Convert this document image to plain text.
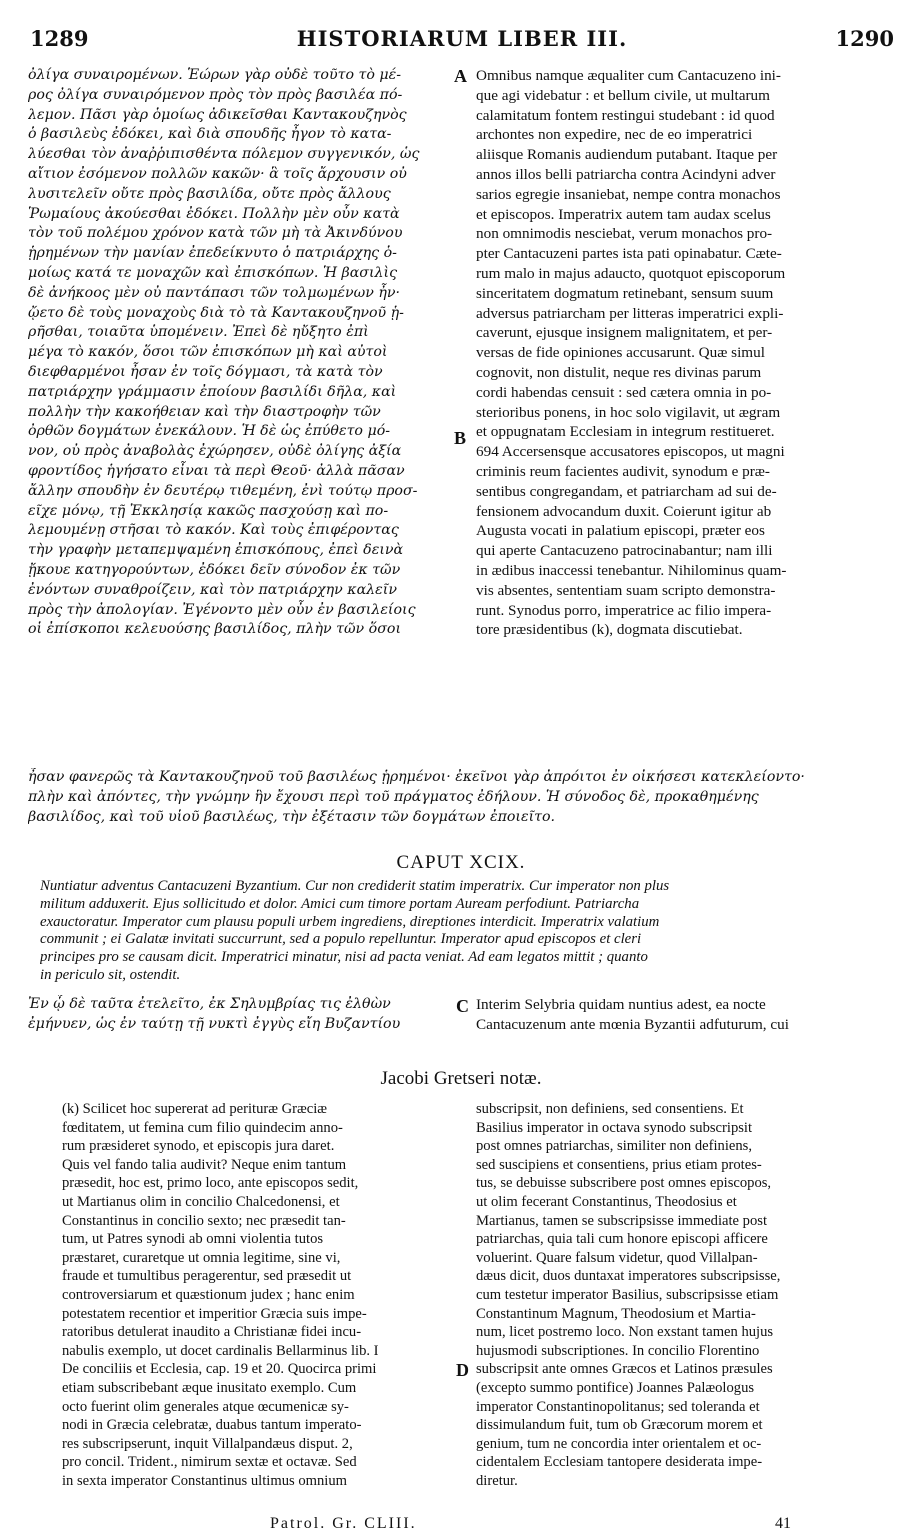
1289	HISTORIARUM LIBER III.	1290
ὀλίγα συναιρομένων. Ἑώρων γὰρ οὐδὲ τοῦτο τὸ μέ-
ρος ὀλίγα συναιρόμενον πρὸς τὸν πρὸς βασιλέα πό-
λεμον. Πᾶσι γὰρ ὁμοίως ἀδικεῖσθαι Καντακουζηνὸς
ὁ βασιλεὺς ἐδόκει, καὶ διὰ σπουδῆς ἦγον τὸ κατα-
λύεσθαι τὸν ἀναῤῥιπισθέντα πόλεμον συγγενικόν, ὡς
αἴτιον ἐσόμενον πολλῶν κακῶν· ἃ τοῖς ἄρχουσιν οὐ
λυσιτελεῖν οὔτε πρὸς βασιλίδα, οὔτε πρὸς ἄλλους
Ῥωμαίους ἀκούεσθαι ἐδόκει. Πολλὴν μὲν οὖν κατὰ
τὸν τοῦ πολέμου χρόνον κατὰ τῶν μὴ τὰ Ἀκινδύνου
ᾑρημένων τὴν μανίαν ἐπεδείκνυτο ὁ πατριάρχης ὁ-
μοίως κατά τε μοναχῶν καὶ ἐπισκόπων. Ἡ βασιλὶς
δὲ ἀνήκοος μὲν οὐ παντάπασι τῶν τολμωμένων ἦν·
ᾤετο δὲ τοὺς μοναχοὺς διὰ τὸ τὰ Καντακουζηνοῦ ᾑ-
ρῆσθαι, τοιαῦτα ὑπομένειν. Ἐπεὶ δὲ ηὔξητο ἐπὶ
μέγα τὸ κακόν, ὅσοι τῶν ἐπισκόπων μὴ καὶ αὐτοὶ
διεφθαρμένοι ἦσαν ἐν τοῖς δόγμασι, τὰ κατὰ τὸν
πατριάρχην γράμμασιν ἐποίουν βασιλίδι δῆλα, καὶ
πολλὴν τὴν κακοήθειαν καὶ τὴν διαστροφὴν τῶν
ὀρθῶν δογμάτων ἐνεκάλουν. Ἡ δὲ ὡς ἐπύθετο μό-
νον, οὐ πρὸς ἀναβολὰς ἐχώρησεν, οὐδὲ ὀλίγης ἀξία
φροντίδος ἡγήσατο εἶναι τὰ περὶ Θεοῦ· ἀλλὰ πᾶσαν
ἄλλην σπουδὴν ἐν δευτέρῳ τιθεμένη, ἐνὶ τούτῳ προσ-
εῖχε μόνῳ, τῇ Ἐκκλησίᾳ κακῶς πασχούσῃ καὶ πο-
λεμουμένῃ στῆσαι τὸ κακόν. Καὶ τοὺς ἐπιφέροντας
τὴν γραφὴν μεταπεμψαμένη ἐπισκόπους, ἐπεὶ δεινὰ
ᾔκουε κατηγορούντων, ἐδόκει δεῖν σύνοδον ἐκ τῶν
ἐνόντων συναθροίζειν, καὶ τὸν πατριάρχην καλεῖν
πρὸς τὴν ἀπολογίαν. Ἐγένοντο μὲν οὖν ἐν βασιλείοις
οἱ ἐπίσκοποι κελευούσης βασιλίδος, πλὴν τῶν ὅσοι
Omnibus namque æqualiter cum Cantacuzeno ini-
que agi videbatur : et bellum civile, ut multarum
calamitatum fontem restingui studebant : id quod
archontes non expedire, nec de eo imperatrici
aliisque Romanis audiendum putabant. Itaque per
annos illos belli patriarcha contra Acindyni adver
sarios egregie insaniebat, nempe contra monachos
et episcopos. Imperatrix autem tam audax scelus
non omnimodis nesciebat, verum monachos pro-
pter Cantacuzeni partes ista pati opinabatur. Cæte-
rum malo in majus adaucto, quotquot episcoporum
sinceritatem dogmatum retinebant, sensum suum
adversus patriarcham per litteras imperatrici expli-
caverunt, ejusque insignem malignitatem, et per-
versas de fide opiniones accusarunt. Quæ simul
cognovit, non distulit, neque res divinas parum
cordi habendas censuit : sed cætera omnia in po-
sterioribus ponens, in hoc solo vigilavit, ut ægram
et oppugnatam Ecclesiam in integrum restitueret.
694 Accersensque accusatores episcopos, ut magni
criminis reum facientes audivit, synodum e præ-
sentibus congregandam, et patriarcham ad sui de-
fensionem advocandum duxit. Coierunt igitur ab
Augusta vocati in palatium episcopi, præter eos
qui aperte Cantacuzeno patrocinabantur; nam illi
in ædibus inaccessi tenebantur. Nihilominus quam-
vis absentes, sententiam suam scripto demonstra-
runt. Synodus porro, imperatrice ac filio impera-
tore præsidentibus (k), dogmata discutiebat.
A
B
ἦσαν φανερῶς τὰ Καντακουζηνοῦ τοῦ βασιλέως ᾑρημένοι· ἐκεῖνοι γὰρ ἀπρόιτοι ἐν οἰκήσεσι κατεκλείοντο·
πλὴν καὶ ἀπόντες, τὴν γνώμην ἣν ἔχουσι περὶ τοῦ πράγματος ἐδήλουν. Ἡ σύνοδος δὲ, προκαθημένης
βασιλίδος, καὶ τοῦ υἱοῦ βασιλέως, τὴν ἐξέτασιν τῶν δογμάτων ἐποιεῖτο.
CAPUT XCIX.
Nuntiatur adventus Cantacuzeni Byzantium. Cur non crediderit statim imperatrix. Cur imperator non plus
militum adduxerit. Ejus sollicitudo et dolor. Amici cum timore portam Auream perfodiunt. Patriarcha
exauctoratur. Imperator cum plausu populi urbem ingrediens, direptiones interdicit. Imperatrix valatium
communit ; ei Galatæ invitati succurrunt, sed a populo repelluntur. Imperator apud episcopos et cleri
principes pro se causam dicit. Imperatrici minatur, nisi ad pacta veniat. Ad eam legatos mittit ; quanto
in periculo sit, ostendit.
Ἐν ᾧ δὲ ταῦτα ἐτελεῖτο, ἐκ Σηλυμβρίας τις ἐλθὼν
ἐμήνυεν, ὡς ἐν ταύτῃ τῇ νυκτὶ ἐγγὺς εἴη Βυζαντίου
C Interim Selybria quidam nuntius adest, ea nocte
Cantacuzenum ante mœnia Byzantii adfuturum, cui
Jacobi Gretseri notæ.
(k) Scilicet hoc supererat ad perituræ Græciæ
fœditatem, ut femina cum filio quindecim anno-
rum præsideret synodo, et episcopis jura daret.
Quis vel fando talia audivit? Neque enim tantum
præsedit, hoc est, primo loco, ante episcopos sedit,
ut Martianus olim in concilio Chalcedonensi, et
Constantinus in concilio sexto; nec præsedit tan-
tum, ut Patres synodi ab omni violentia tutos
præstaret, curaretque ut omnia legitime, sine vi,
fraude et tumultibus peragerentur, sed præsedit ut
controversiarum et quæstionum judex ; hanc enim
potestatem recentior et imperitior Græcia suis impe-
ratoribus detulerat inaudito a Christianæ fidei incu-
nabulis exemplo, ut docet cardinalis Bellarminus lib. I
De conciliis et Ecclesia, cap. 19 et 20. Quocirca primi
etiam subscribebant æque inusitato exemplo. Cum
octo fuerint olim generales atque œcumenicæ sy-
nodi in Græcia celebratæ, duabus tantum imperato-
res subscripserunt, inquit Villalpandæus disput. 2,
pro concil. Trident., nimirum sextæ et octavæ. Sed
in sexta imperator Constantinus ultimus omnium
D
subscripsit, non definiens, sed consentiens. Et
Basilius imperator in octava synodo subscripsit
post omnes patriarchas, similiter non definiens,
sed suscipiens et consentiens, prius etiam protes-
tus, se debuisse subscribere post omnes episcopos,
ut olim fecerant Constantinus, Theodosius et
Martianus, tamen se subscripsisse immediate post
patriarchas, quia tali cum honore episcopi afficere
voluerint. Quare falsum videtur, quod Villalpan-
dæus dicit, duos duntaxat imperatores subscripsisse,
cum testetur imperator Basilius, subscripsisse etiam
Constantinum Magnum, Theodosium et Martia-
num, licet postremo loco. Non exstant tamen hujus
hujusmodi subscriptiones. In concilio Florentino
subscripsit ante omnes Græcos et Latinos præsules
(excepto summo pontifice) Joannes Palæologus
imperator Constantinopolitanus; sed toleranda et
dissimulandum fuit, tum ob Græcorum morem et
genium, tum ne concordia inter orientalem et oc-
cidentalem Ecclesiam tantopere desiderata impe-
diretur.
Patrol. Gr. CLIII.	41
